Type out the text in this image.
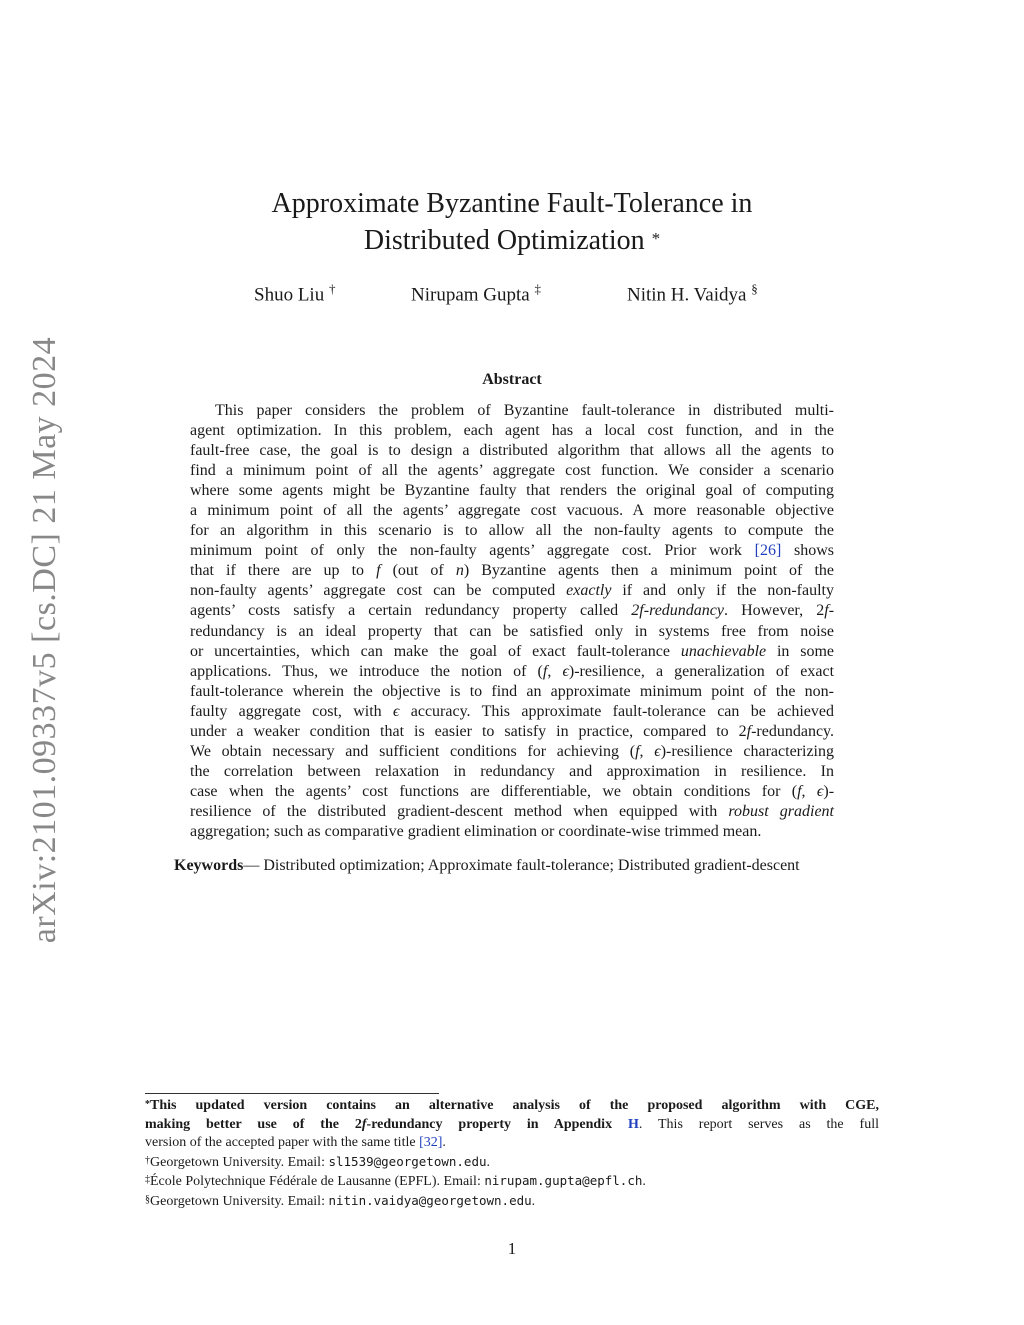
arXiv:2101.09337v5 [cs.DC] 21 May 2024
Approximate Byzantine Fault-Tolerance in
Distributed Optimization *
Shuo Liu †	Nirupam Gupta ‡	Nitin H. Vaidya §
Abstract
This paper considers the problem of Byzantine fault-tolerance in distributed multi-
agent optimization. In this problem, each agent has a local cost function, and in the
fault-free case, the goal is to design a distributed algorithm that allows all the agents to
find a minimum point of all the agents’ aggregate cost function. We consider a scenario
where some agents might be Byzantine faulty that renders the original goal of computing
a minimum point of all the agents’ aggregate cost vacuous. A more reasonable objective
for an algorithm in this scenario is to allow all the non-faulty agents to compute the
minimum point of only the non-faulty agents’ aggregate cost. Prior work [26] shows
that if there are up to f (out of n) Byzantine agents then a minimum point of the
non-faulty agents’ aggregate cost can be computed exactly if and only if the non-faulty
agents’ costs satisfy a certain redundancy property called 2f-redundancy. However, 2f-
redundancy is an ideal property that can be satisfied only in systems free from noise
or uncertainties, which can make the goal of exact fault-tolerance unachievable in some
applications. Thus, we introduce the notion of (f, ϵ)-resilience, a generalization of exact
fault-tolerance wherein the objective is to find an approximate minimum point of the non-
faulty aggregate cost, with ϵ accuracy. This approximate fault-tolerance can be achieved
under a weaker condition that is easier to satisfy in practice, compared to 2f-redundancy.
We obtain necessary and sufficient conditions for achieving (f, ϵ)-resilience characterizing
the correlation between relaxation in redundancy and approximation in resilience. In
case when the agents’ cost functions are differentiable, we obtain conditions for (f, ϵ)-
resilience of the distributed gradient-descent method when equipped with robust gradient
aggregation; such as comparative gradient elimination or coordinate-wise trimmed mean.
Keywords— Distributed optimization; Approximate fault-tolerance; Distributed gradient-descent
*This updated version contains an alternative analysis of the proposed algorithm with CGE,
making better use of the 2f-redundancy property in Appendix H. This report serves as the full
version of the accepted paper with the same title [32].
†Georgetown University. Email: sl1539@georgetown.edu.
‡École Polytechnique Fédérale de Lausanne (EPFL). Email: nirupam.gupta@epfl.ch.
§Georgetown University. Email: nitin.vaidya@georgetown.edu.
1
